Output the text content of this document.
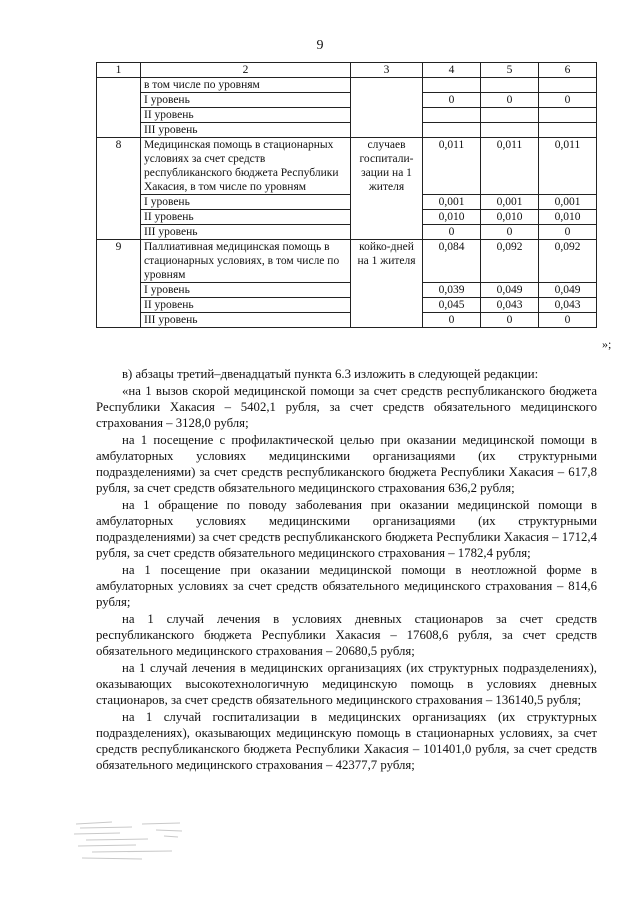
9
1	2	3	4	5	6
	в том числе по уровням				
	I уровень		0	0	0
	II уровень				
	III уровень				
8	Медицинская помощь в стационарных условиях за счет средств республиканского бюджета Республики Хакасия, в том числе по уровням	случаев госпитали-зации на 1 жителя	0,011	0,011	0,011
	I уровень		0,001	0,001	0,001
	II уровень		0,010	0,010	0,010
	III уровень		0	0	0
9	Паллиативная медицинская помощь в стационарных условиях, в том числе по уровням	койко-дней на 1 жителя	0,084	0,092	0,092
	I уровень		0,039	0,049	0,049
	II уровень		0,045	0,043	0,043
	III уровень		0	0	0
»;

в) абзацы третий–двенадцатый пункта 6.3 изложить в следующей редакции:

«на 1 вызов скорой медицинской помощи за счет средств республиканского бюджета Республики Хакасия – 5402,1 рубля, за счет средств обязательного медицинского страхования – 3128,0 рубля;

на 1 посещение с профилактической целью при оказании медицинской помощи в амбулаторных условиях медицинскими организациями (их структурными подразделениями) за счет средств республиканского бюджета Республики Хакасия – 617,8 рубля, за счет средств обязательного медицинского страхования 636,2 рубля;

на 1 обращение по поводу заболевания при оказании медицинской помощи в амбулаторных условиях медицинскими организациями (их структурными подразделениями) за счет средств республиканского бюджета Республики Хакасия – 1712,4 рубля, за счет средств обязательного медицинского страхования – 1782,4 рубля;

на 1 посещение при оказании медицинской помощи в неотложной форме в амбулаторных условиях за счет средств обязательного медицинского страхования – 814,6 рубля;

на 1 случай лечения в условиях дневных стационаров за счет средств республиканского бюджета Республики Хакасия – 17608,6 рубля, за счет средств обязательного медицинского страхования – 20680,5 рубля;

на 1 случай лечения в медицинских организациях (их структурных подразделениях), оказывающих высокотехнологичную медицинскую помощь в условиях дневных стационаров, за счет средств обязательного медицинского страхования – 136140,5 рубля;

на 1 случай госпитализации в медицинских организациях (их структурных подразделениях), оказывающих медицинскую помощь в стационарных условиях, за счет средств республиканского бюджета Республики Хакасия – 101401,0 рубля, за счет средств обязательного медицинского страхования – 42377,7 рубля;
